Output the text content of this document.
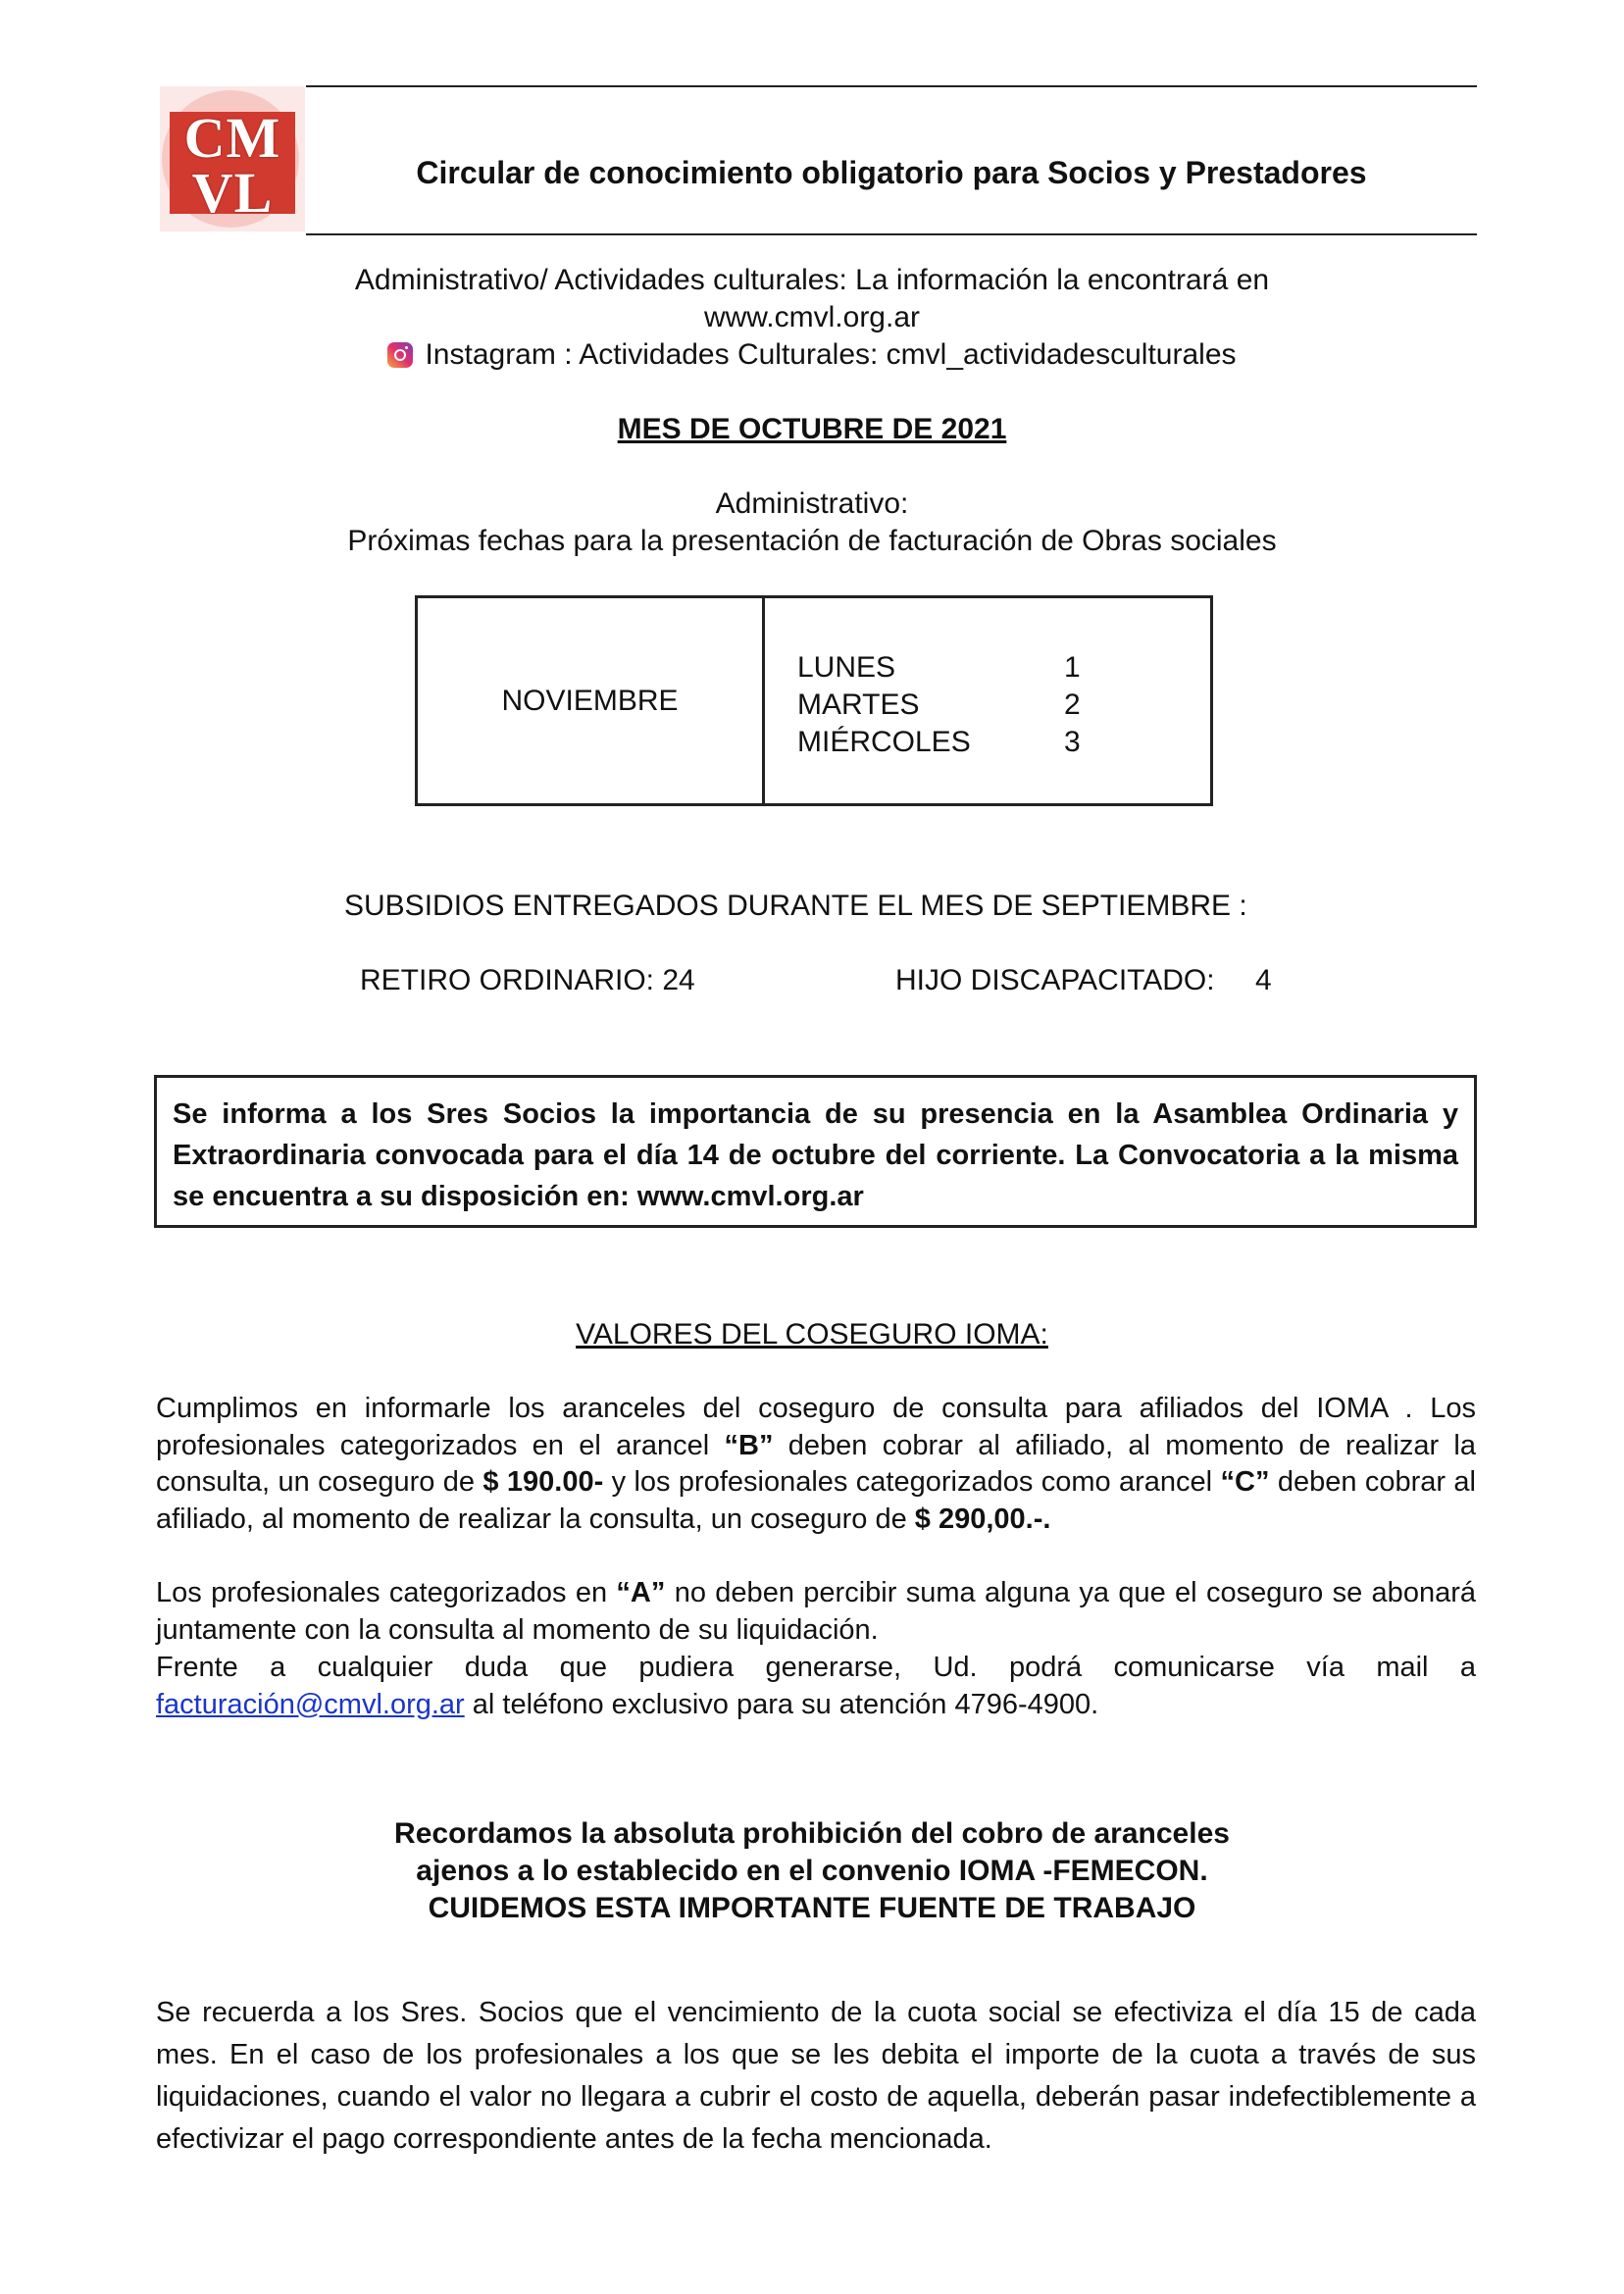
CM
VL	Circular de conocimiento obligatorio para Socios y Prestadores
Administrativo/ Actividades culturales: La información la encontrará en
www.cmvl.org.ar
Instagram : Actividades Culturales: cmvl_actividadesculturales
MES DE OCTUBRE DE 2021
Administrativo:
Próximas fechas para la presentación de facturación de Obras sociales
NOVIEMBRE
LUNES	1
MARTES	2
MIÉRCOLES	3
SUBSIDIOS ENTREGADOS DURANTE EL MES DE SEPTIEMBRE :
RETIRO ORDINARIO: 24	HIJO DISCAPACITADO: 4
Se informa a los Sres Socios la importancia de su presencia en la Asamblea Ordinaria y Extraordinaria convocada para el día 14 de octubre del corriente. La Convocatoria a la misma se encuentra a su disposición en: www.cmvl.org.ar
VALORES DEL COSEGURO IOMA:
Cumplimos en informarle los aranceles del coseguro de consulta para afiliados del IOMA . Los profesionales categorizados en el arancel “B” deben cobrar al afiliado, al momento de realizar la consulta, un coseguro de $ 190.00- y los profesionales categorizados como arancel “C” deben cobrar al afiliado, al momento de realizar la consulta, un coseguro de $ 290,00.-.
Los profesionales categorizados en “A” no deben percibir suma alguna ya que el coseguro se abonará juntamente con la consulta al momento de su liquidación.
Frente a cualquier duda que pudiera generarse, Ud. podrá comunicarse vía mail a facturación@cmvl.org.ar al teléfono exclusivo para su atención 4796-4900.
Recordamos la absoluta prohibición del cobro de aranceles
ajenos a lo establecido en el convenio IOMA -FEMECON.
CUIDEMOS ESTA IMPORTANTE FUENTE DE TRABAJO
Se recuerda a los Sres. Socios que el vencimiento de la cuota social se efectiviza el día 15 de cada mes. En el caso de los profesionales a los que se les debita el importe de la cuota a través de sus liquidaciones, cuando el valor no llegara a cubrir el costo de aquella, deberán pasar indefectiblemente a efectivizar el pago correspondiente antes de la fecha mencionada.
